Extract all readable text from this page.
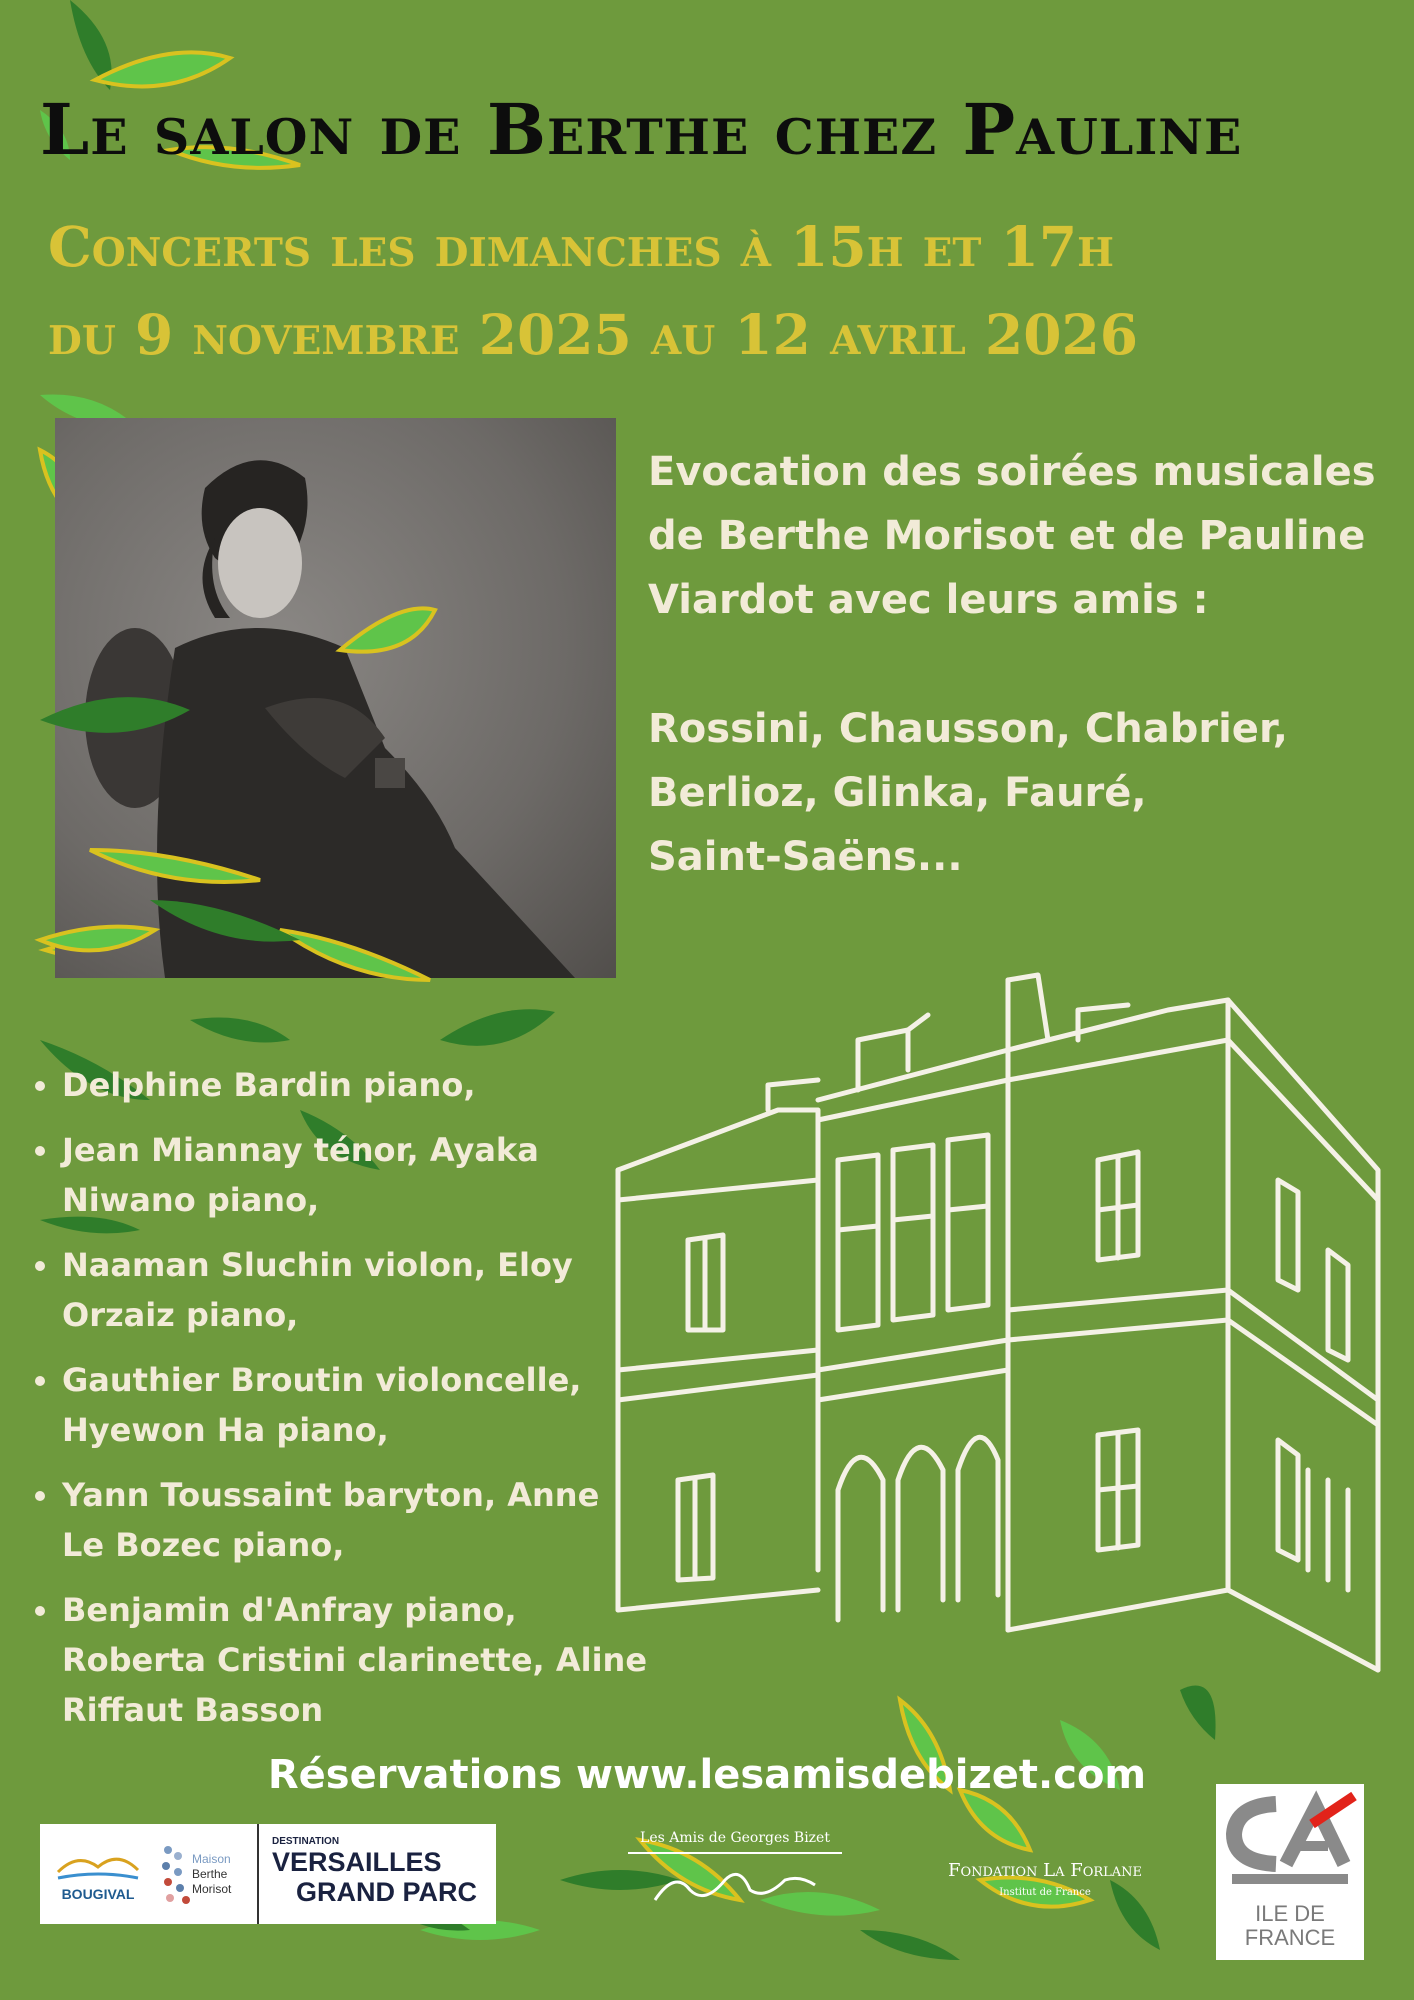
Le salon de Berthe chez Pauline
Concerts les dimanches à 15h et 17h
du 9 novembre 2025 au 12 avril 2026
Evocation des soirées musicales
de Berthe Morisot et de Pauline
Viardot avec leurs amis :
Rossini, Chausson, Chabrier,
Berlioz, Glinka, Fauré,
Saint-Saëns...
• Delphine Bardin piano,
• Jean Miannay ténor, Ayaka
Niwano piano,
• Naaman Sluchin violon, Eloy
Orzaiz piano,
• Gauthier Broutin violoncelle,
Hyewon Ha piano,
• Yann Toussaint baryton, Anne
Le Bozec piano,
• Benjamin d'Anfray piano,
Roberta Cristini clarinette, Aline
Riffaut Basson
Réservations www.lesamisdebizet.com
BOUGIVAL
Maison
Berthe
Morisot
DESTINATION
VERSAILLES
GRAND PARC
Les Amis de Georges Bizet
Fondation La Forlane
Institut de France
ILE DE
FRANCE
